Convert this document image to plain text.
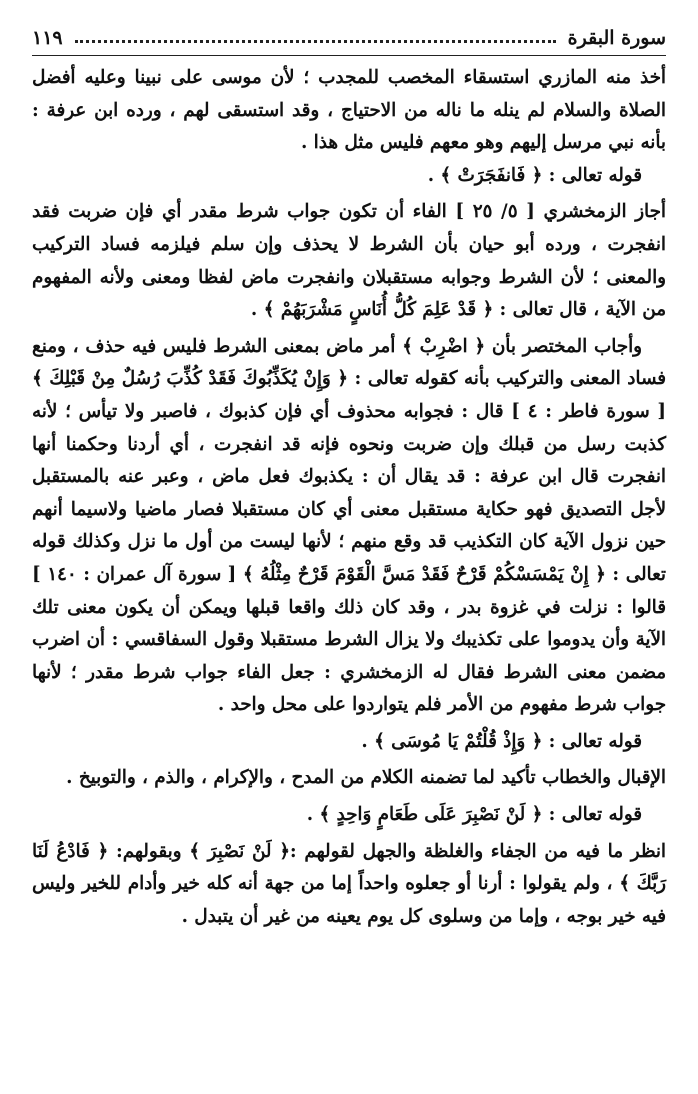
١١٩	سورة البقرة

أخذ منه المازري استسقاء المخصب للمجدب ؛ لأن موسى على نبينا وعليه أفضل الصلاة والسلام لم ينله ما ناله من الاحتياج ، وقد استسقى لهم ، ورده ابن عرفة : بأنه نبي مرسل إليهم وهو معهم فليس مثل هذا .

قوله تعالى : ﴿ فَانفَجَرَتْ ﴾ .

أجاز الزمخشري [ ٥/ ٢٥ ] الفاء أن تكون جواب شرط مقدر أي فإن ضربت فقد انفجرت ، ورده أبو حيان بأن الشرط لا يحذف وإن سلم فيلزمه فساد التركيب والمعنى ؛ لأن الشرط وجوابه مستقبلان وانفجرت ماض لفظا ومعنى ولأنه المفهوم من الآية ، قال تعالى : ﴿ قَدْ عَلِمَ كُلُّ أُنَاسٍ مَشْرَبَهُمْ ﴾ .

وأجاب المختصر بأن ﴿ اضْرِبْ ﴾ أمر ماض بمعنى الشرط فليس فيه حذف ، ومنع فساد المعنى والتركيب بأنه كقوله تعالى : ﴿ وَإِنْ يُكَذِّبُوكَ فَقَدْ كُذِّبَ رُسُلٌ مِنْ قَبْلِكَ ﴾ [ سورة فاطر : ٤ ] قال : فجوابه محذوف أي فإن كذبوك ، فاصبر ولا تيأس ؛ لأنه كذبت رسل من قبلك وإن ضربت ونحوه فإنه قد انفجرت ، أي أردنا وحكمنا أنها انفجرت قال ابن عرفة : قد يقال أن : يكذبوك فعل ماض ، وعبر عنه بالمستقبل لأجل التصديق فهو حكاية مستقبل معنى أي كان مستقبلا فصار ماضيا ولاسيما أنهم حين نزول الآية كان التكذيب قد وقع منهم ؛ لأنها ليست من أول ما نزل وكذلك قوله تعالى : ﴿ إِنْ يَمْسَسْكُمْ قَرْحٌ فَقَدْ مَسَّ الْقَوْمَ قَرْحٌ مِثْلُهُ ﴾ [ سورة آل عمران : ١٤٠ ] قالوا : نزلت في غزوة بدر ، وقد كان ذلك واقعا قبلها ويمكن أن يكون معنى تلك الآية وأن يدوموا على تكذيبك ولا يزال الشرط مستقبلا وقول السفاقسي : أن اضرب مضمن معنى الشرط فقال له الزمخشري : جعل الفاء جواب شرط مقدر ؛ لأنها جواب شرط مفهوم من الأمر فلم يتواردوا على محل واحد .

قوله تعالى : ﴿ وَإِذْ قُلْتُمْ يَا مُوسَى ﴾ .

الإقبال والخطاب تأكيد لما تضمنه الكلام من المدح ، والإكرام ، والذم ، والتوبيخ .

قوله تعالى : ﴿ لَنْ نَصْبِرَ عَلَى طَعَامٍ وَاحِدٍ ﴾ .

انظر ما فيه من الجفاء والغلظة والجهل لقولهم :﴿ لَنْ نَصْبِرَ ﴾ وبقولهم: ﴿ فَادْعُ لَنَا رَبَّكَ ﴾ ، ولم يقولوا : أرنا أو جعلوه واحداً إما من جهة أنه كله خير وأدام للخير وليس فيه خير بوجه ، وإما من وسلوى كل يوم يعينه من غير أن يتبدل .
